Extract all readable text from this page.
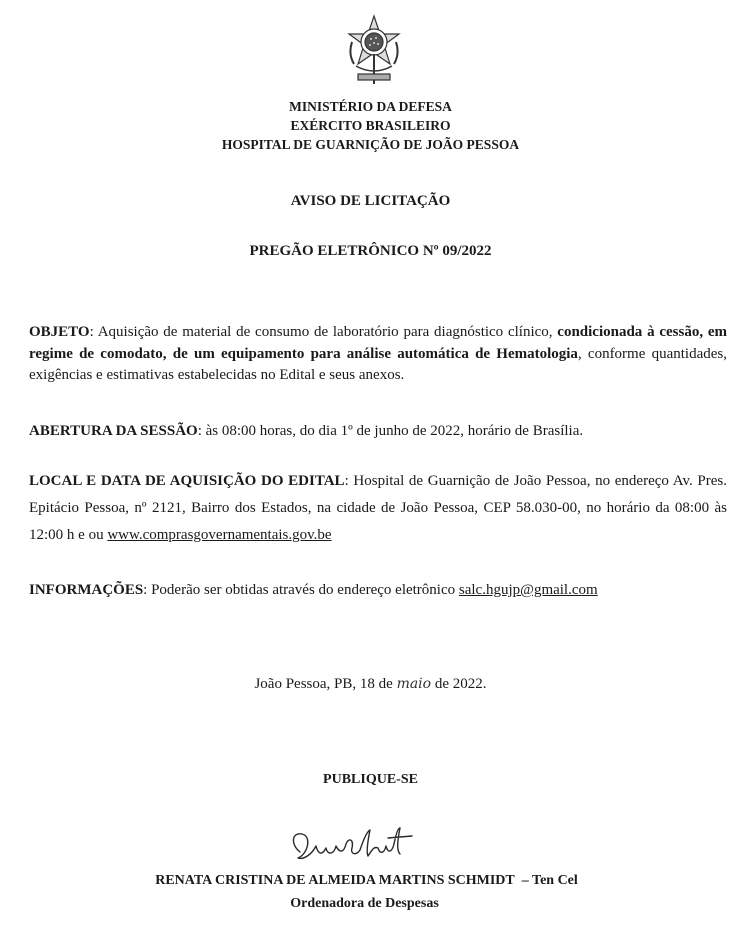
MINISTÉRIO DA DEFESA
EXÉRCITO BRASILEIRO
HOSPITAL DE GUARNIÇÃO DE JOÃO PESSOA
AVISO DE LICITAÇÃO
PREGÃO ELETRÔNICO Nº 09/2022
OBJETO: Aquisição de material de consumo de laboratório para diagnóstico clínico, condicionada à cessão, em regime de comodato, de um equipamento para análise automática de Hematologia, conforme quantidades, exigências e estimativas estabelecidas no Edital e seus anexos.
ABERTURA DA SESSÃO: às 08:00 horas, do dia 1º de junho de 2022, horário de Brasília.
LOCAL E DATA DE AQUISIÇÃO DO EDITAL: Hospital de Guarnição de João Pessoa, no endereço Av. Pres. Epitácio Pessoa, nº 2121, Bairro dos Estados, na cidade de João Pessoa, CEP 58.030-00, no horário da 08:00 às 12:00 h e ou www.comprasgovernamentais.gov.be
INFORMAÇÕES: Poderão ser obtidas através do endereço eletrônico salc.hgujp@gmail.com
João Pessoa, PB, 18 de maio de 2022.
PUBLIQUE-SE
RENATA CRISTINA DE ALMEIDA MARTINS SCHMIDT – Ten Cel
Ordenadora de Despesas
